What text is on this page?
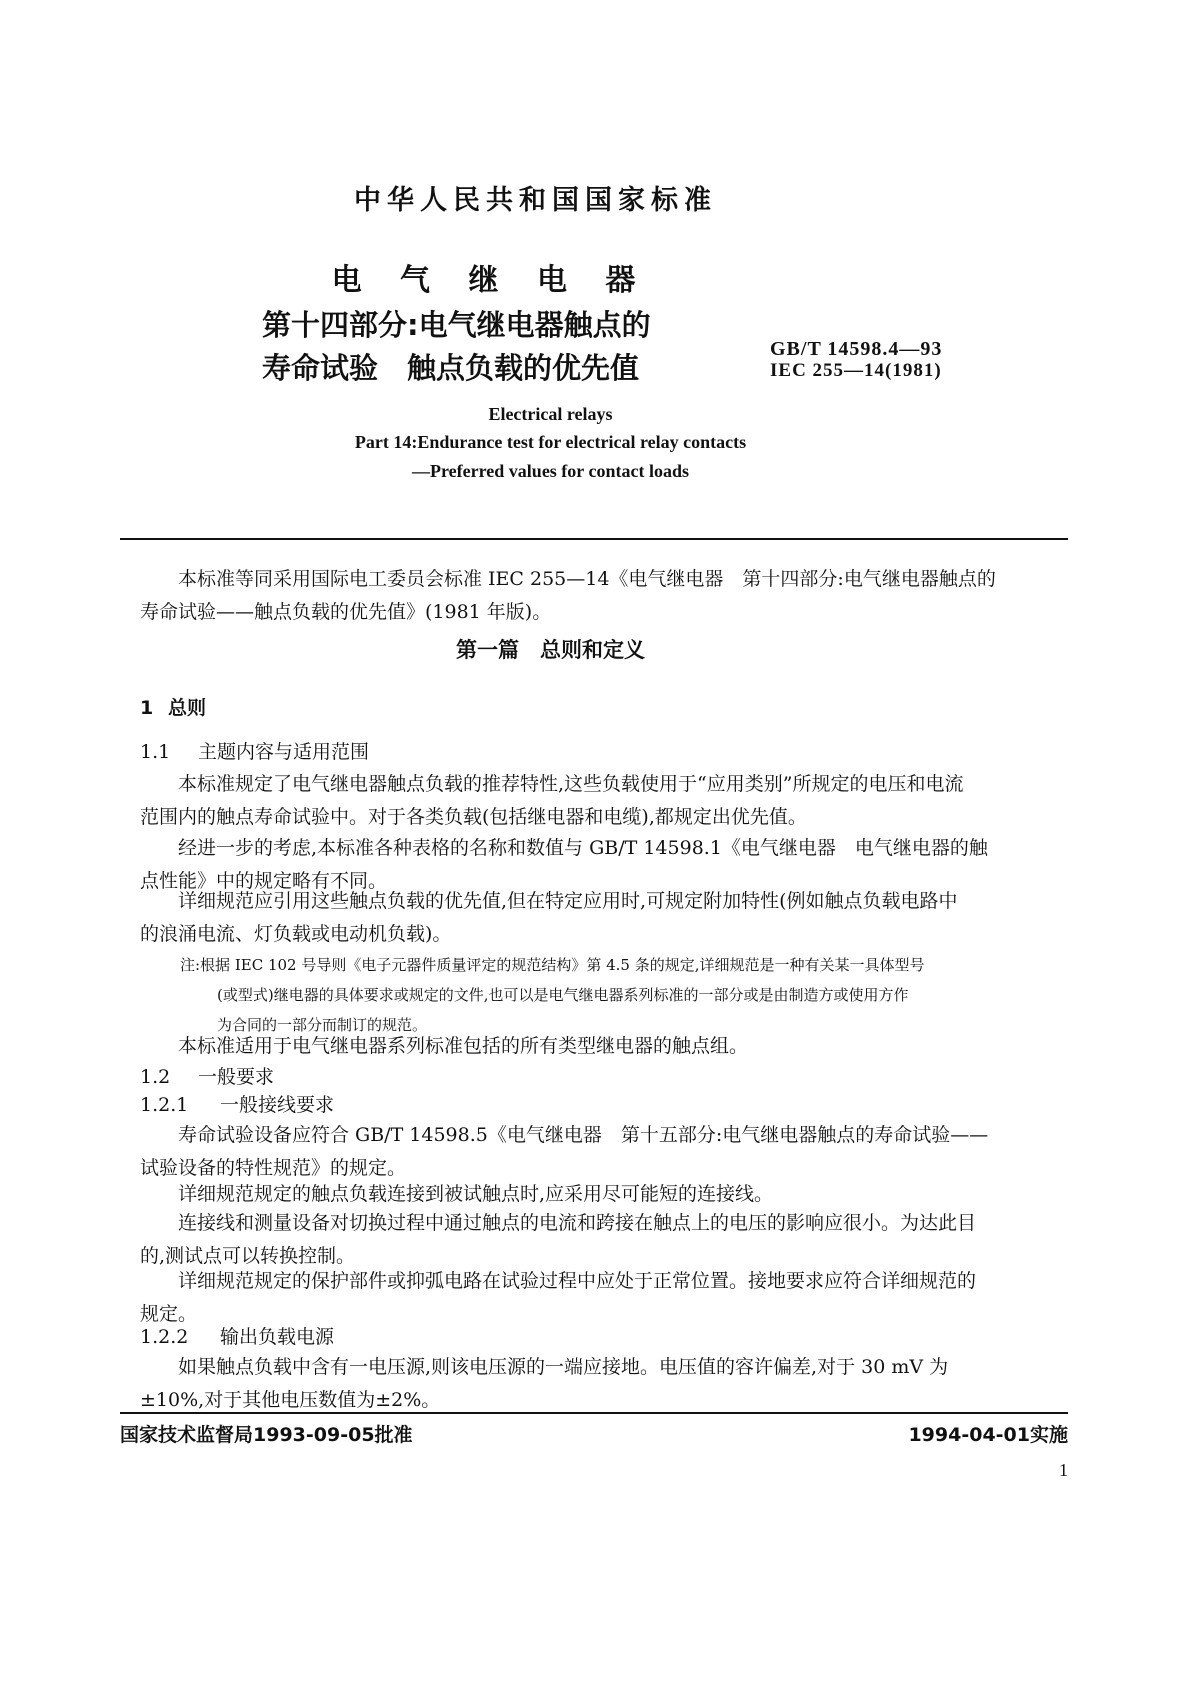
中华人民共和国国家标准
电 气 继 电 器
第十四部分:电气继电器触点的
寿命试验　触点负载的优先值
GB/T 14598.4—93
IEC 255—14(1981)
Electrical relays
Part 14:Endurance test for electrical relay contacts
—Preferred values for contact loads
本标准等同采用国际电工委员会标准 IEC 255—14《电气继电器　第十四部分:电气继电器触点的
寿命试验——触点负载的优先值》(1981 年版)。
第一篇　总则和定义
1 总则
1.1 主题内容与适用范围
本标准规定了电气继电器触点负载的推荐特性,这些负载使用于“应用类别”所规定的电压和电流
范围内的触点寿命试验中。对于各类负载(包括继电器和电缆),都规定出优先值。
经进一步的考虑,本标准各种表格的名称和数值与 GB/T 14598.1《电气继电器　电气继电器的触
点性能》中的规定略有不同。
详细规范应引用这些触点负载的优先值,但在特定应用时,可规定附加特性(例如触点负载电路中
的浪涌电流、灯负载或电动机负载)。
注:根据 IEC 102 号导则《电子元器件质量评定的规范结构》第 4.5 条的规定,详细规范是一种有关某一具体型号
(或型式)继电器的具体要求或规定的文件,也可以是电气继电器系列标准的一部分或是由制造方或使用方作
为合同的一部分而制订的规范。
本标准适用于电气继电器系列标准包括的所有类型继电器的触点组。
1.2 一般要求
1.2.1 一般接线要求
寿命试验设备应符合 GB/T 14598.5《电气继电器　第十五部分:电气继电器触点的寿命试验——
试验设备的特性规范》的规定。
详细规范规定的触点负载连接到被试触点时,应采用尽可能短的连接线。
连接线和测量设备对切换过程中通过触点的电流和跨接在触点上的电压的影响应很小。为达此目
的,测试点可以转换控制。
详细规范规定的保护部件或抑弧电路在试验过程中应处于正常位置。接地要求应符合详细规范的
规定。
1.2.2 输出负载电源
如果触点负载中含有一电压源,则该电压源的一端应接地。电压值的容许偏差,对于 30 mV 为
±10%,对于其他电压数值为±2%。
国家技术监督局1993-09-05批准	1994-04-01实施
1
